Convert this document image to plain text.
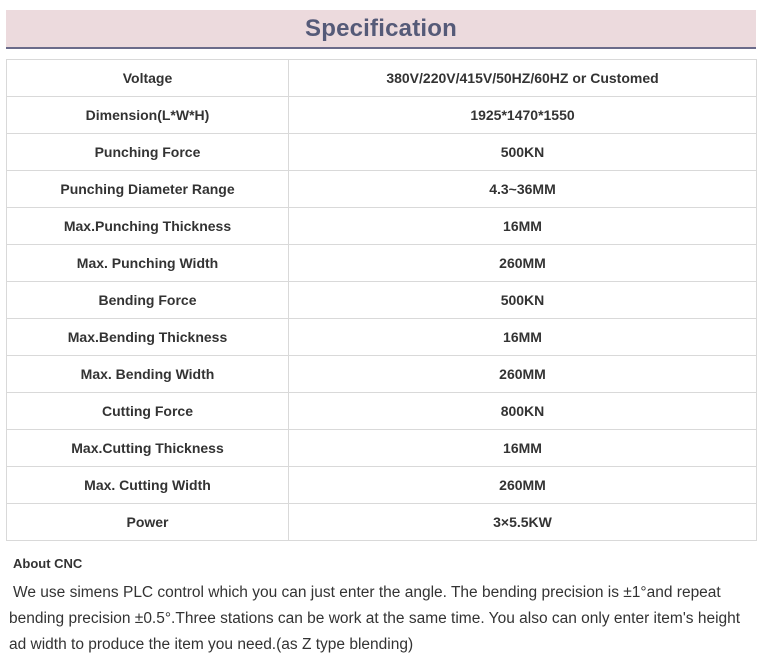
Specification
Voltage	380V/220V/415V/50HZ/60HZ or Customed
Dimension(L*W*H)	1925*1470*1550
Punching Force	500KN
Punching Diameter Range	4.3~36MM
Max.Punching Thickness	16MM
Max. Punching Width	260MM
Bending Force	500KN
Max.Bending Thickness	16MM
Max. Bending Width	260MM
Cutting Force	800KN
Max.Cutting Thickness	16MM
Max. Cutting Width	260MM
Power	3×5.5KW
About CNC
We use simens PLC control which you can just enter the angle. The bending precision is ±1°and repeat bending precision ±0.5°.Three stations can be work at the same time. You also can only enter item's height ad width to produce the item you need.(as Z type blending)
